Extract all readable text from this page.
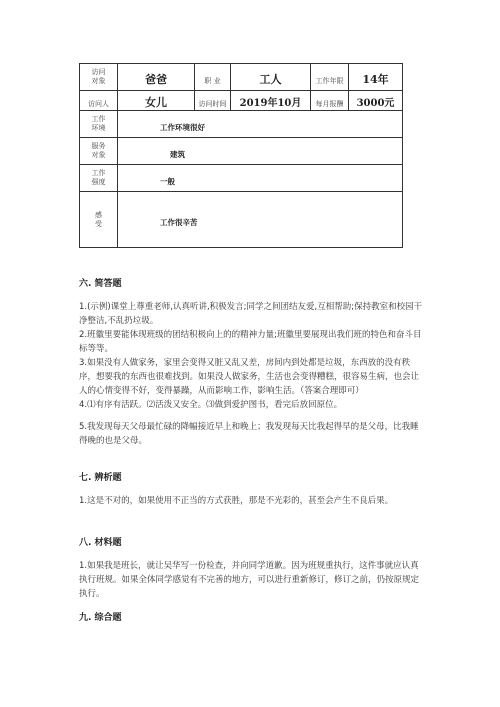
访问
对象	爸爸	职 业	工人	工作年限	14年
访问人	女儿	访问时间	2019年10月	每月报酬	3000元

工作
环境	工作环境很好				

服务
对象	建筑				

工作
强度	一般				

感
受	工作很辛苦				

六. 简答题

1.(示例)课堂上尊重老师,认真听讲,积极发言;同学之间团结友爱,互相帮助;保持教室和校园干净整洁,不乱扔垃圾。

2.班徽里要能体现班级的团结积极向上的的精神力量;班徽里要展现出我们班的特色和奋斗目标等等。

3.如果没有人做家务，家里会变得又脏又乱又差，房间内到处都是垃圾，东西放的没有秩序，想要我的东西也很难找到。如果没人做家务，生活也会变得糟糕，很容易生病，也会让人的心情变得不好，变得暴躁，从而影响工作，影响生活。（答案合理即可）

4.⑴有序有活跃。⑵活泼又安全。⑶做到爱护图书，看完后放回原位。

5.我发现每天父母最忙碌的降幅接近早上和晚上；我发现每天比我起得早的是父母，比我睡得晚的也是父母。

七. 辨析题

1.这是不对的，如果使用不正当的方式获胜，那是不光彩的，甚至会产生不良后果。

八. 材料题

1.如果我是班长，就让吴华写一份检查，并向同学道歉。因为班规重执行，这件事就应认真执行班规。如果全体同学感觉有不完善的地方，可以进行重新修订，修订之前，仍按原规定执行。

九. 综合题
